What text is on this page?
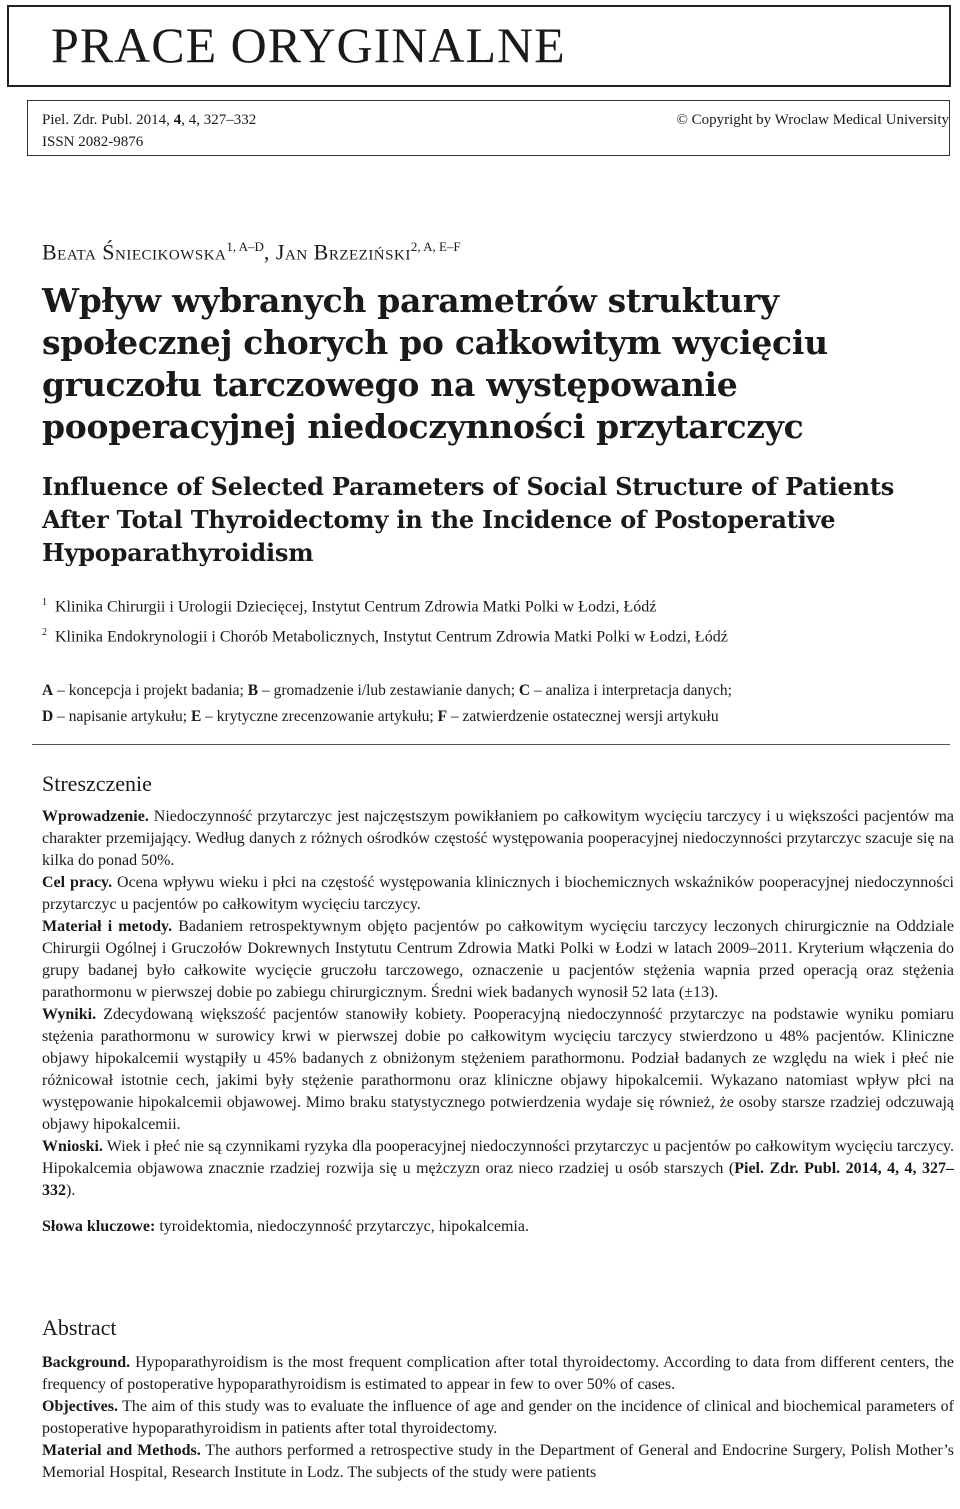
PRACE ORYGINALNE
Piel. Zdr. Publ. 2014, 4, 4, 327–332
ISSN 2082-9876
© Copyright by Wroclaw Medical University
Beata Śniecikowska$^{1, A-D}$, Jan Brzeziński$^{2, A, E-F}$
Wpływ wybranych parametrów struktury społecznej chorych po całkowitym wycięciu gruczołu tarczowego na występowanie pooperacyjnej niedoczynności przytarczyc
Influence of Selected Parameters of Social Structure of Patients After Total Thyroidectomy in the Incidence of Postoperative Hypoparathyroidism
$^1$ Klinika Chirurgii i Urologii Dziecięcej, Instytut Centrum Zdrowia Matki Polki w Łodzi, Łódź
$^2$ Klinika Endokrynologii i Chorób Metabolicznych, Instytut Centrum Zdrowia Matki Polki w Łodzi, Łódź
A – koncepcja i projekt badania; B – gromadzenie i/lub zestawianie danych; C – analiza i interpretacja danych;
D – napisanie artykułu; E – krytyczne zrecenzowanie artykułu; F – zatwierdzenie ostatecznej wersji artykułu
Streszczenie

Wprowadzenie. Niedoczynność przytarczyc jest najczęstszym powikłaniem po całkowitym wycięciu tarczycy i u większości pacjentów ma charakter przemijający. Według danych z różnych ośrodków częstość występowania pooperacyjnej niedoczynności przytarczyc szacuje się na kilka do ponad 50%.

Cel pracy. Ocena wpływu wieku i płci na częstość występowania klinicznych i biochemicznych wskaźników pooperacyjnej niedoczynności przytarczyc u pacjentów po całkowitym wycięciu tarczycy.

Materiał i metody. Badaniem retrospektywnym objęto pacjentów po całkowitym wycięciu tarczycy leczonych chirurgicznie na Oddziale Chirurgii Ogólnej i Gruczołów Dokrewnych Instytutu Centrum Zdrowia Matki Polki w Łodzi w latach 2009–2011. Kryterium włączenia do grupy badanej było całkowite wycięcie gruczołu tarczowego, oznaczenie u pacjentów stężenia wapnia przed operacją oraz stężenia parathormonu w pierwszej dobie po zabiegu chirurgicznym. Średni wiek badanych wynosił 52 lata (±13).

Wyniki. Zdecydowaną większość pacjentów stanowiły kobiety. Pooperacyjną niedoczynność przytarczyc na podstawie wyniku pomiaru stężenia parathormonu w surowicy krwi w pierwszej dobie po całkowitym wycięciu tarczycy stwierdzono u 48% pacjentów. Kliniczne objawy hipokalcemii wystąpiły u 45% badanych z obniżonym stężeniem parathormonu. Podział badanych ze względu na wiek i płeć nie różnicował istotnie cech, jakimi były stężenie parathormonu oraz kliniczne objawy hipokalcemii. Wykazano natomiast wpływ płci na występowanie hipokalcemii objawowej. Mimo braku statystycznego potwierdzenia wydaje się również, że osoby starsze rzadziej odczuwają objawy hipokalcemii.

Wnioski. Wiek i płeć nie są czynnikami ryzyka dla pooperacyjnej niedoczynności przytarczyc u pacjentów po całkowitym wycięciu tarczycy. Hipokalcemia objawowa znacznie rzadziej rozwija się u mężczyzn oraz nieco rzadziej u osób starszych (Piel. Zdr. Publ. 2014, 4, 4, 327–332).

Słowa kluczowe: tyroidektomia, niedoczynność przytarczyc, hipokalcemia.

Abstract

Background. Hypoparathyroidism is the most frequent complication after total thyroidectomy. According to data from different centers, the frequency of postoperative hypoparathyroidism is estimated to appear in few to over 50% of cases.

Objectives. The aim of this study was to evaluate the influence of age and gender on the incidence of clinical and biochemical parameters of postoperative hypoparathyroidism in patients after total thyroidectomy.

Material and Methods. The authors performed a retrospective study in the Department of General and Endocrine Surgery, Polish Mother’s Memorial Hospital, Research Institute in Lodz. The subjects of the study were patients
